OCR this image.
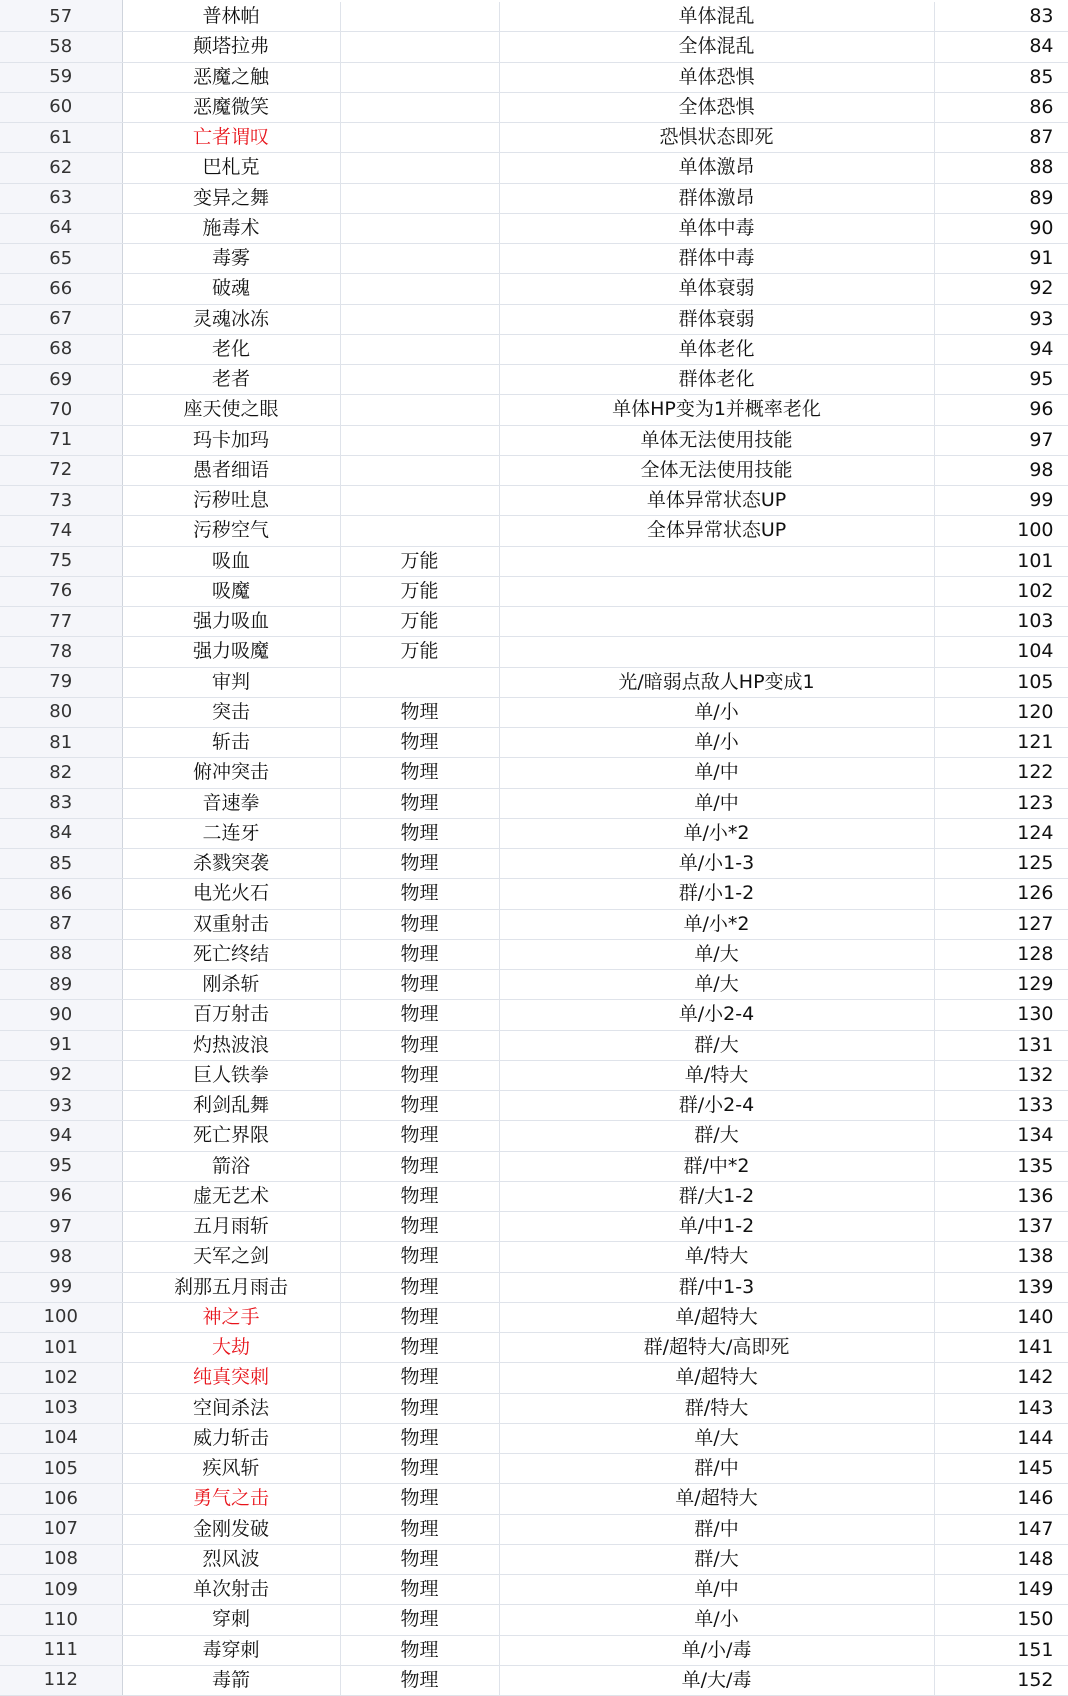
57	普林帕		单体混乱	83
58	颠塔拉弗		全体混乱	84
59	恶魔之触		单体恐惧	85
60	恶魔微笑		全体恐惧	86
61	亡者谓叹		恐惧状态即死	87
62	巴札克		单体激昂	88
63	变异之舞		群体激昂	89
64	施毒术		单体中毒	90
65	毒雾		群体中毒	91
66	破魂		单体衰弱	92
67	灵魂冰冻		群体衰弱	93
68	老化		单体老化	94
69	老者		群体老化	95
70	座天使之眼		单体HP变为1并概率老化	96
71	玛卡加玛		单体无法使用技能	97
72	愚者细语		全体无法使用技能	98
73	污秽吐息		单体异常状态UP	99
74	污秽空气		全体异常状态UP	100
75	吸血	万能		101
76	吸魔	万能		102
77	强力吸血	万能		103
78	强力吸魔	万能		104
79	审判		光/暗弱点敌人HP变成1	105
80	突击	物理	单/小	120
81	斩击	物理	单/小	121
82	俯冲突击	物理	单/中	122
83	音速拳	物理	单/中	123
84	二连牙	物理	单/小*2	124
85	杀戮突袭	物理	单/小1-3	125
86	电光火石	物理	群/小1-2	126
87	双重射击	物理	单/小*2	127
88	死亡终结	物理	单/大	128
89	刚杀斩	物理	单/大	129
90	百万射击	物理	单/小2-4	130
91	灼热波浪	物理	群/大	131
92	巨人铁拳	物理	单/特大	132
93	利剑乱舞	物理	群/小2-4	133
94	死亡界限	物理	群/大	134
95	箭浴	物理	群/中*2	135
96	虚无艺术	物理	群/大1-2	136
97	五月雨斩	物理	单/中1-2	137
98	天军之剑	物理	单/特大	138
99	刹那五月雨击	物理	群/中1-3	139
100	神之手	物理	单/超特大	140
101	大劫	物理	群/超特大/高即死	141
102	纯真突刺	物理	单/超特大	142
103	空间杀法	物理	群/特大	143
104	威力斩击	物理	单/大	144
105	疾风斩	物理	群/中	145
106	勇气之击	物理	单/超特大	146
107	金刚发破	物理	群/中	147
108	烈风波	物理	群/大	148
109	单次射击	物理	单/中	149
110	穿刺	物理	单/小	150
111	毒穿刺	物理	单/小/毒	151
112	毒箭	物理	单/大/毒	152
